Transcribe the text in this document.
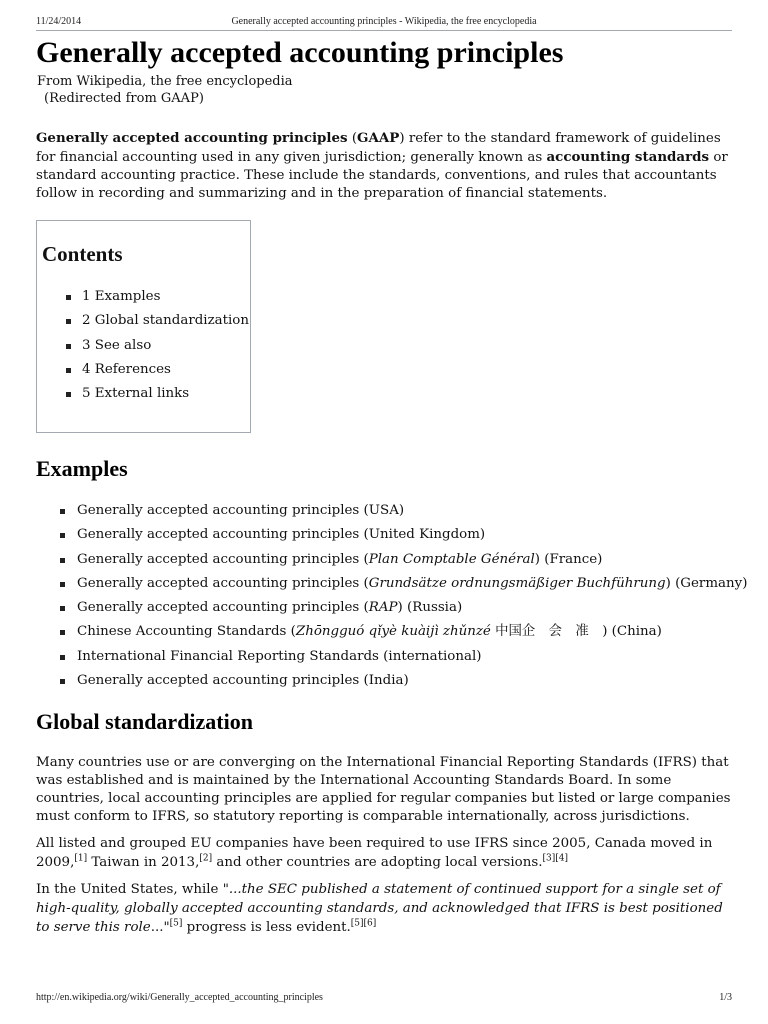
11/24/2014	Generally accepted accounting principles - Wikipedia, the free encyclopedia
Generally accepted accounting principles
From Wikipedia, the free encyclopedia
(Redirected from GAAP)

Generally accepted accounting principles (GAAP) refer to the standard framework of guidelines for financial accounting used in any given jurisdiction; generally known as accounting standards or standard accounting practice. These include the standards, conventions, and rules that accountants follow in recording and summarizing and in the preparation of financial statements.

Contents
1 Examples
2 Global standardization
3 See also
4 References
5 External links
Examples
Generally accepted accounting principles (USA)
Generally accepted accounting principles (United Kingdom)
Generally accepted accounting principles (Plan Comptable Général) (France)
Generally accepted accounting principles (Grundsätze ordnungsmäßiger Buchführung) (Germany)
Generally accepted accounting principles (RAP) (Russia)
Chinese Accounting Standards (Zhōngguó qǐyè kuàijì zhǔnzé 中国企　会　准　) (China)
International Financial Reporting Standards (international)
Generally accepted accounting principles (India)
Global standardization

Many countries use or are converging on the International Financial Reporting Standards (IFRS) that was established and is maintained by the International Accounting Standards Board. In some countries, local accounting principles are applied for regular companies but listed or large companies must conform to IFRS, so statutory reporting is comparable internationally, across jurisdictions.

All listed and grouped EU companies have been required to use IFRS since 2005, Canada moved in 2009,[1] Taiwan in 2013,[2] and other countries are adopting local versions.[3][4]

In the United States, while "...the SEC published a statement of continued support for a single set of high-quality, globally accepted accounting standards, and acknowledged that IFRS is best positioned to serve this role..."[5] progress is less evident.[5][6]

http://en.wikipedia.org/wiki/Generally_accepted_accounting_principles	1/3
